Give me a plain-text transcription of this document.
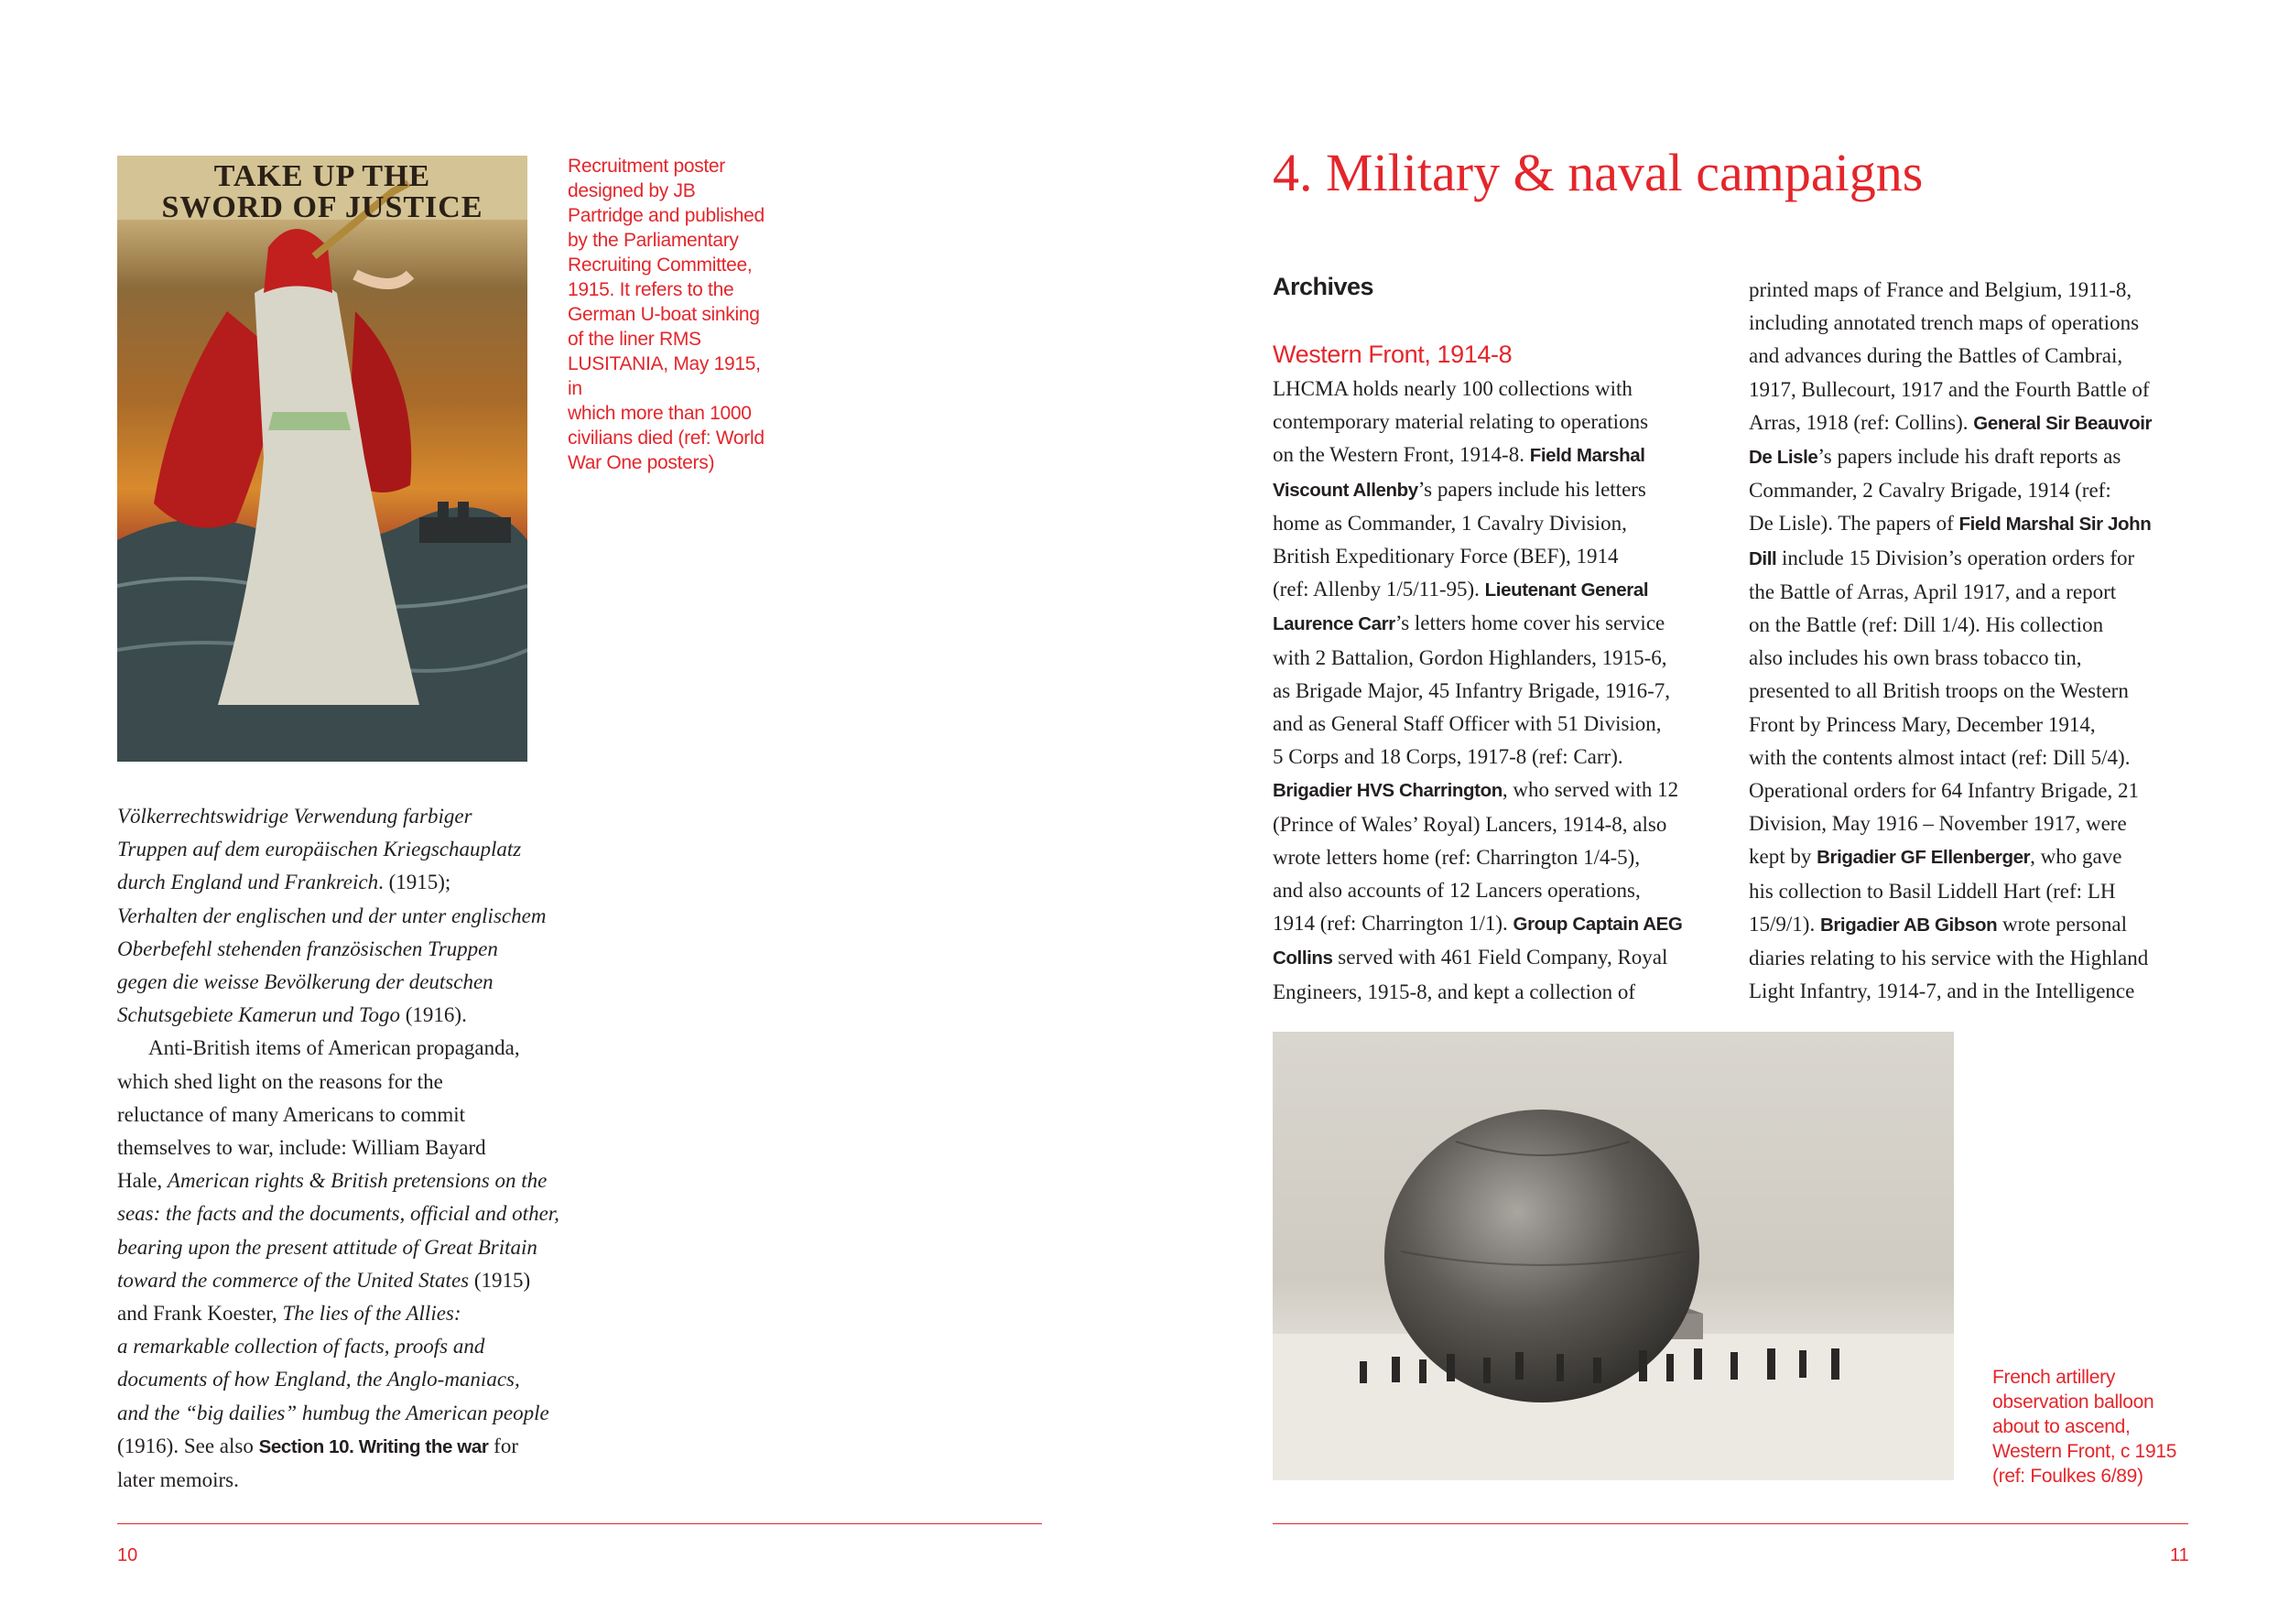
TAKE UP THE
SWORD OF JUSTICE
Recruitment poster
designed by JB
Partridge and published
by the Parliamentary
Recruiting Committee,
1915. It refers to the
German U-boat sinking
of the liner RMS
LUSITANIA, May 1915, in
which more than 1000
civilians died (ref: World
War One posters)
Völkerrechtswidrige Verwendung farbiger
Truppen auf dem europäischen Kriegschauplatz
durch England und Frankreich. (1915);
Verhalten der englischen und der unter englischem
Oberbefehl stehenden französischen Truppen
gegen die weisse Bevölkerung der deutschen
Schutsgebiete Kamerun und Togo (1916).
Anti-British items of American propaganda,
which shed light on the reasons for the
reluctance of many Americans to commit
themselves to war, include: William Bayard
Hale, American rights & British pretensions on the
seas: the facts and the documents, official and other,
bearing upon the present attitude of Great Britain
toward the commerce of the United States (1915)
and Frank Koester, The lies of the Allies:
a remarkable collection of facts, proofs and
documents of how England, the Anglo-maniacs,
and the “big dailies” humbug the American people
(1916). See also Section 10. Writing the war for
later memoirs.
10
4. Military & naval campaigns
Archives
Western Front, 1914-8
LHCMA holds nearly 100 collections with
contemporary material relating to operations
on the Western Front, 1914-8. Field Marshal
Viscount Allenby’s papers include his letters
home as Commander, 1 Cavalry Division,
British Expeditionary Force (BEF), 1914
(ref: Allenby 1/5/11-95). Lieutenant General
Laurence Carr’s letters home cover his service
with 2 Battalion, Gordon Highlanders, 1915-6,
as Brigade Major, 45 Infantry Brigade, 1916-7,
and as General Staff Officer with 51 Division,
5 Corps and 18 Corps, 1917-8 (ref: Carr).
Brigadier HVS Charrington, who served with 12
(Prince of Wales’ Royal) Lancers, 1914-8, also
wrote letters home (ref: Charrington 1/4-5),
and also accounts of 12 Lancers operations,
1914 (ref: Charrington 1/1). Group Captain AEG
Collins served with 461 Field Company, Royal
Engineers, 1915-8, and kept a collection of
printed maps of France and Belgium, 1911-8,
including annotated trench maps of operations
and advances during the Battles of Cambrai,
1917, Bullecourt, 1917 and the Fourth Battle of
Arras, 1918 (ref: Collins). General Sir Beauvoir
De Lisle’s papers include his draft reports as
Commander, 2 Cavalry Brigade, 1914 (ref:
De Lisle). The papers of Field Marshal Sir John
Dill include 15 Division’s operation orders for
the Battle of Arras, April 1917, and a report
on the Battle (ref: Dill 1/4). His collection
also includes his own brass tobacco tin,
presented to all British troops on the Western
Front by Princess Mary, December 1914,
with the contents almost intact (ref: Dill 5/4).
Operational orders for 64 Infantry Brigade, 21
Division, May 1916 – November 1917, were
kept by Brigadier GF Ellenberger, who gave
his collection to Basil Liddell Hart (ref: LH
15/9/1). Brigadier AB Gibson wrote personal
diaries relating to his service with the Highland
Light Infantry, 1914-7, and in the Intelligence
French artillery
observation balloon
about to ascend,
Western Front, c 1915
(ref: Foulkes 6/89)
11
